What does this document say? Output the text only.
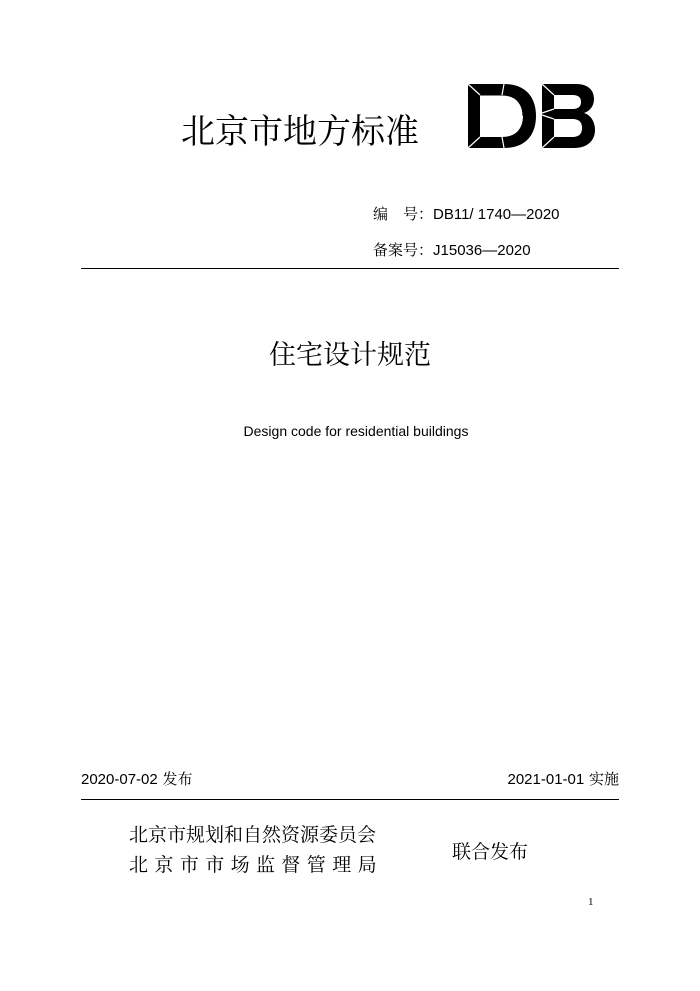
北京市地方标准
编　号：DB11/ 1740—2020
备案号：J15036—2020
住宅设计规范
Design code for residential buildings
2020-07-02 发布	2021-01-01 实施
北京市规划和自然资源委员会
北京市市场监督管理局
联合发布
1
